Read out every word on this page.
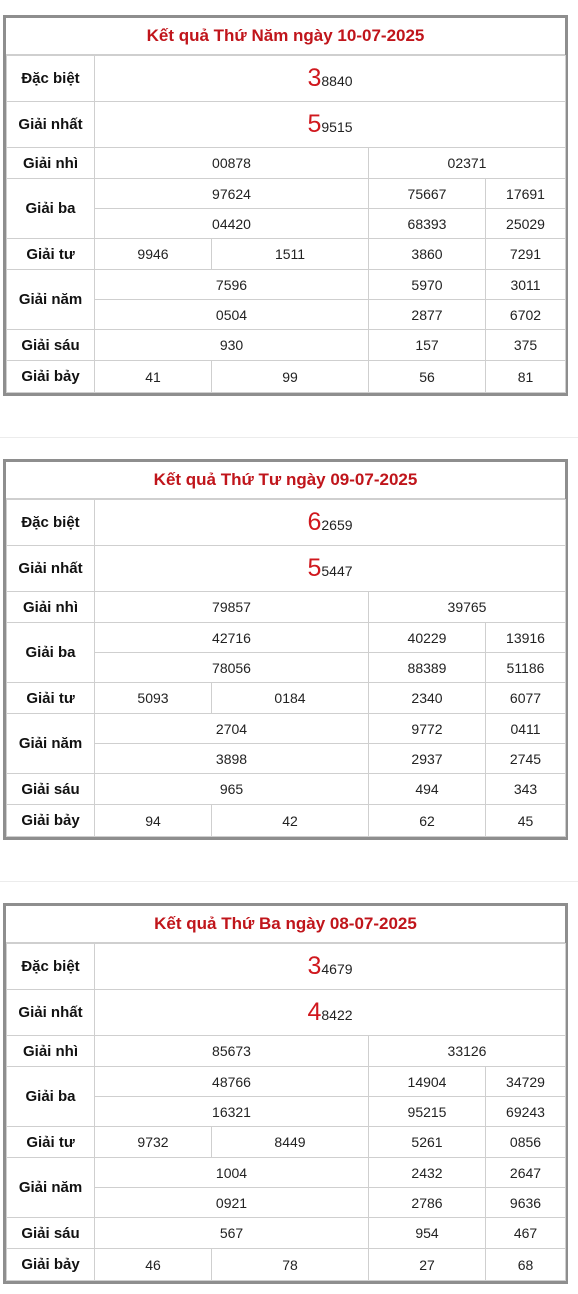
Kết quả Thứ Năm ngày 10-07-2025
Đặc biệt	38840			
Giải nhất	59515			
Giải nhì	00878		02371	
Giải ba	97624		75667	17691
	04420		68393	25029
Giải tư	9946	1511	3860	7291
Giải năm	7596		5970	3011
	0504		2877	6702
Giải sáu	930		157	375
Giải bảy	41	99	56	81
Kết quả Thứ Tư ngày 09-07-2025
Đặc biệt	62659			
Giải nhất	55447			
Giải nhì	79857		39765	
Giải ba	42716		40229	13916
	78056		88389	51186
Giải tư	5093	0184	2340	6077
Giải năm	2704		9772	0411
	3898		2937	2745
Giải sáu	965		494	343
Giải bảy	94	42	62	45
Kết quả Thứ Ba ngày 08-07-2025
Đặc biệt	34679			
Giải nhất	48422			
Giải nhì	85673		33126	
Giải ba	48766		14904	34729
	16321		95215	69243
Giải tư	9732	8449	5261	0856
Giải năm	1004		2432	2647
	0921		2786	9636
Giải sáu	567		954	467
Giải bảy	46	78	27	68
